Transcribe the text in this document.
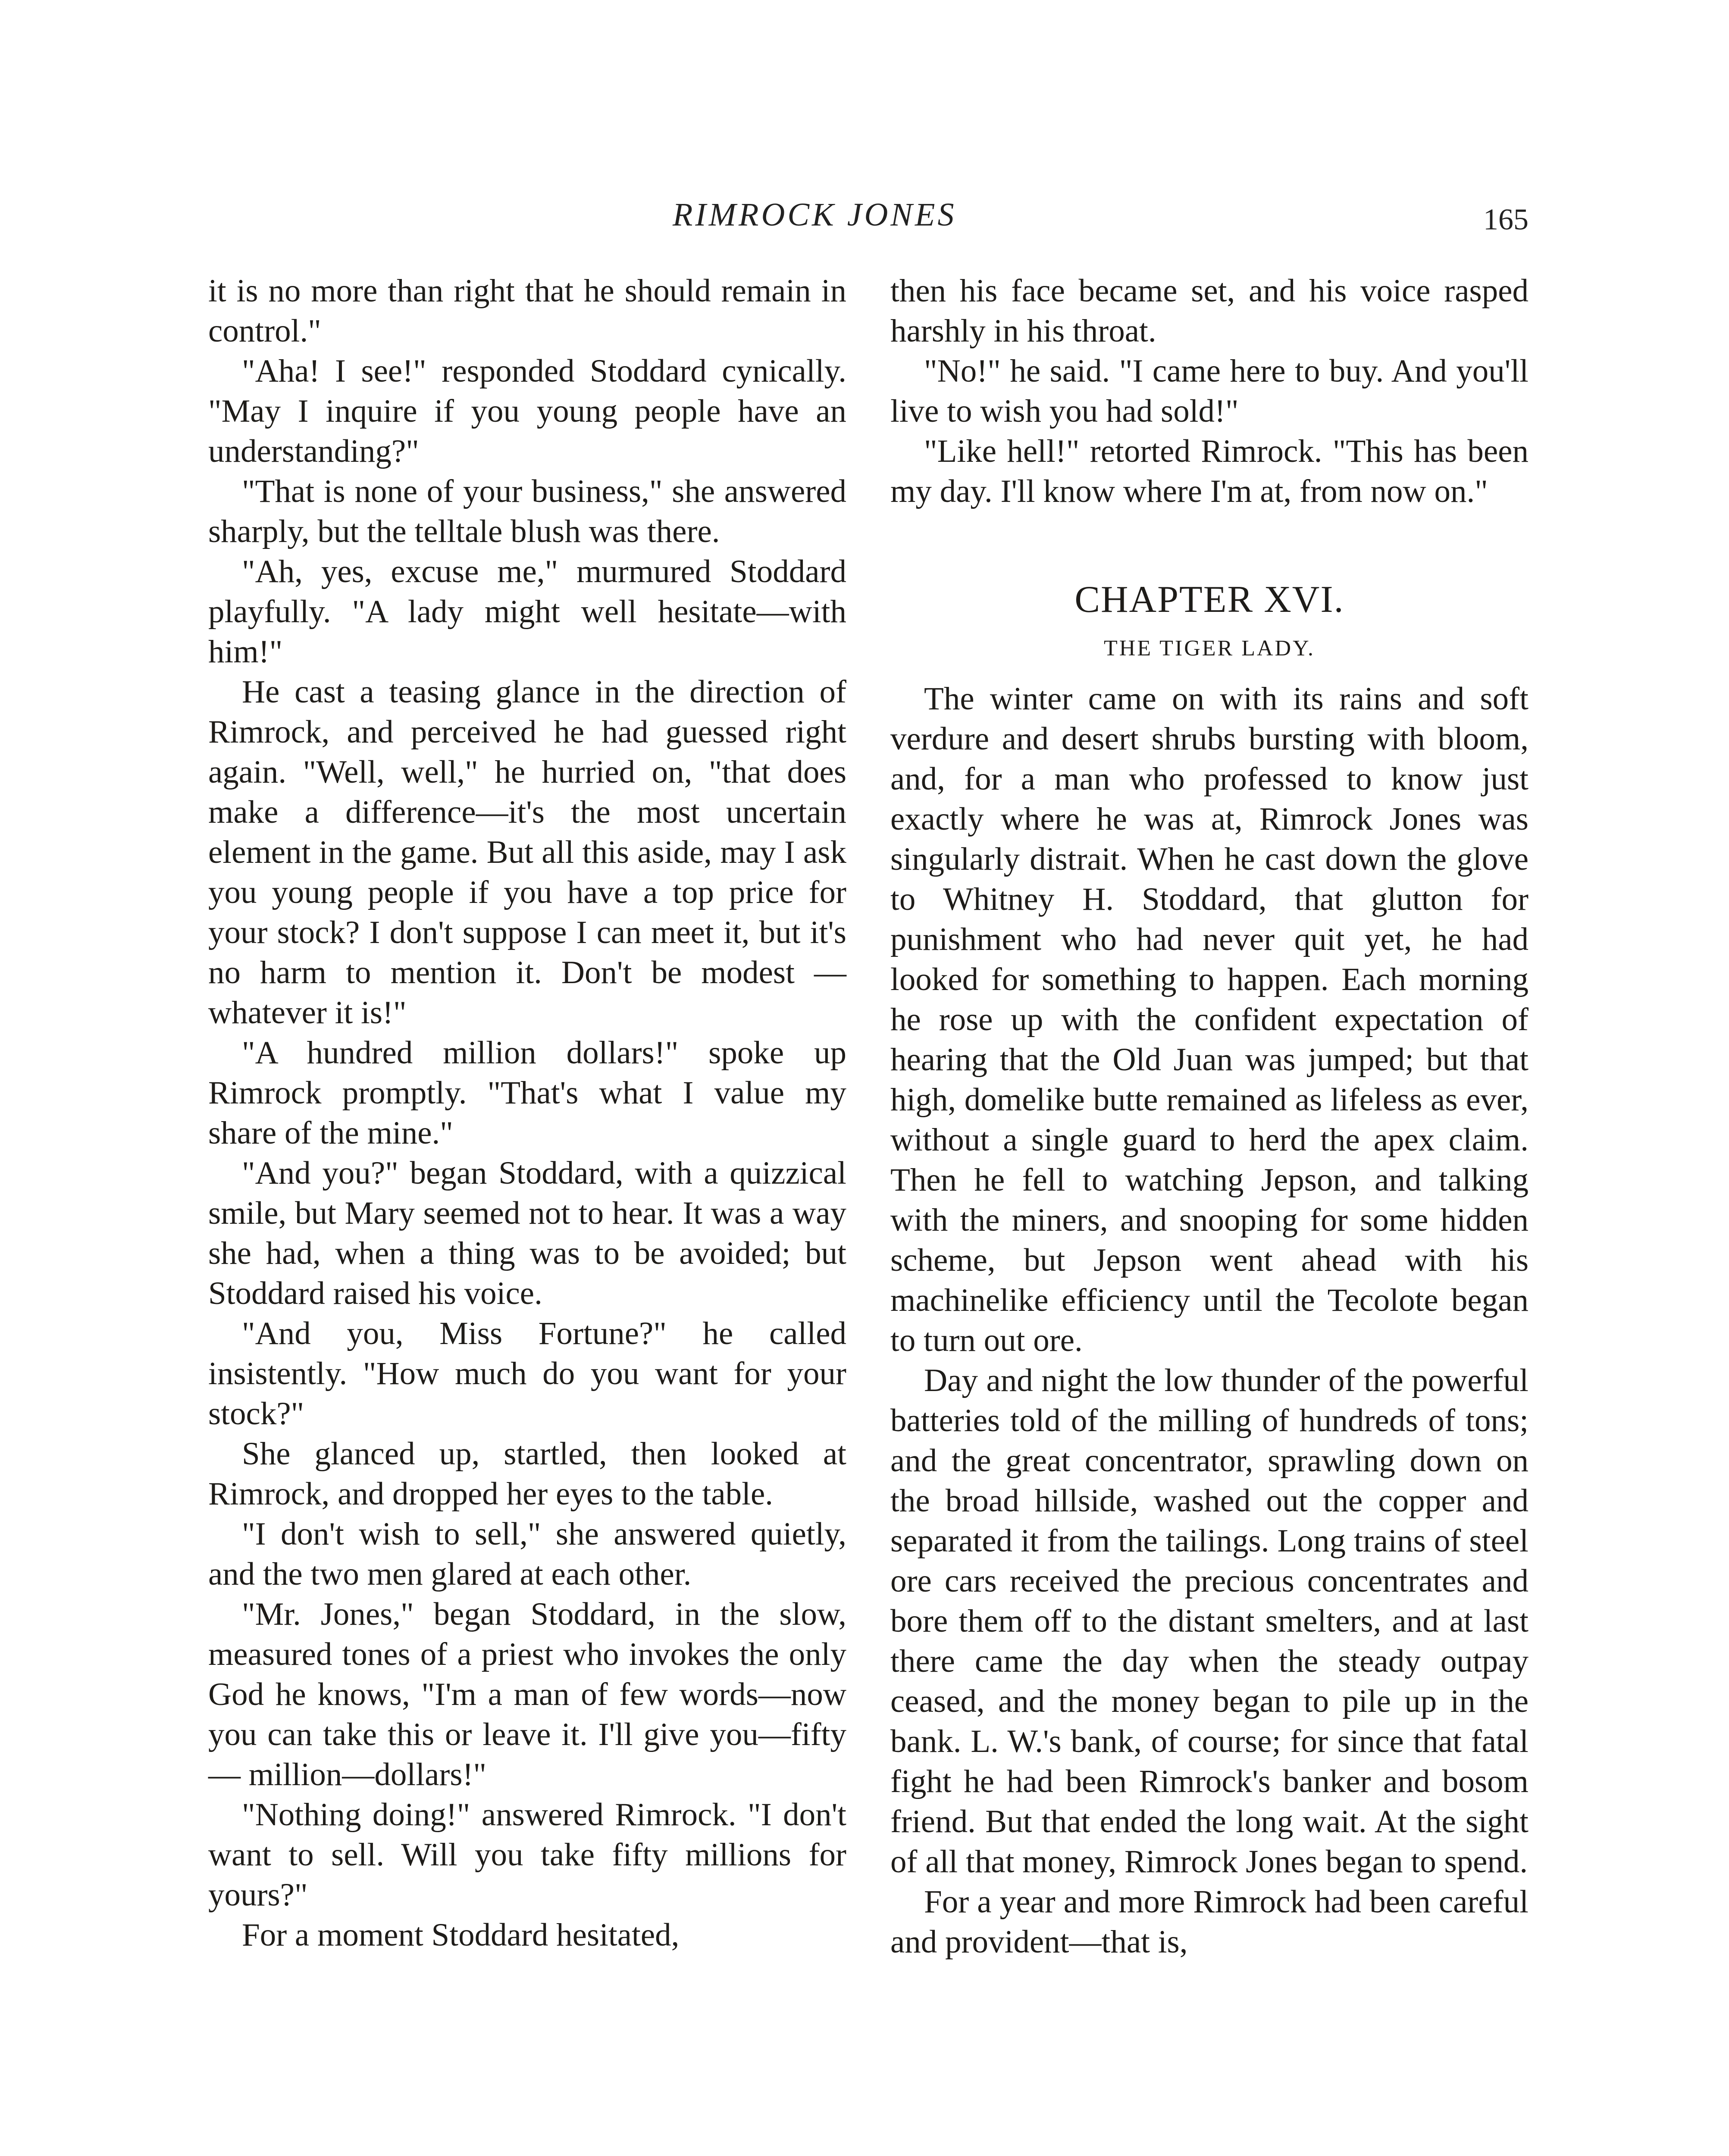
RIMROCK JONES	165

it is no more than right that he should remain in control."

"Aha! I see!" responded Stoddard cynically. "May I inquire if you young people have an understanding?"

"That is none of your business," she answered sharply, but the telltale blush was there.

"Ah, yes, excuse me," murmured Stoddard playfully. "A lady might well hesitate—with him!"

He cast a teasing glance in the direction of Rimrock, and perceived he had guessed right again. "Well, well," he hurried on, "that does make a difference—it's the most uncertain element in the game. But all this aside, may I ask you young people if you have a top price for your stock? I don't suppose I can meet it, but it's no harm to mention it. Don't be modest —whatever it is!"

"A hundred million dollars!" spoke up Rimrock promptly. "That's what I value my share of the mine."

"And you?" began Stoddard, with a quizzical smile, but Mary seemed not to hear. It was a way she had, when a thing was to be avoided; but Stoddard raised his voice.

"And you, Miss Fortune?" he called insistently. "How much do you want for your stock?"

She glanced up, startled, then looked at Rimrock, and dropped her eyes to the table.

"I don't wish to sell," she answered quietly, and the two men glared at each other.

"Mr. Jones," began Stoddard, in the slow, measured tones of a priest who invokes the only God he knows, "I'm a man of few words—now you can take this or leave it. I'll give you—fifty— million—dollars!"

"Nothing doing!" answered Rimrock. "I don't want to sell. Will you take fifty millions for yours?"

For a moment Stoddard hesitated,

then his face became set, and his voice rasped harshly in his throat.

"No!" he said. "I came here to buy. And you'll live to wish you had sold!"

"Like hell!" retorted Rimrock. "This has been my day. I'll know where I'm at, from now on."

CHAPTER XVI.
THE TIGER LADY.

The winter came on with its rains and soft verdure and desert shrubs bursting with bloom, and, for a man who professed to know just exactly where he was at, Rimrock Jones was singularly distrait. When he cast down the glove to Whitney H. Stoddard, that glutton for punishment who had never quit yet, he had looked for something to happen. Each morning he rose up with the confident expectation of hearing that the Old Juan was jumped; but that high, domelike butte remained as lifeless as ever, without a single guard to herd the apex claim. Then he fell to watching Jepson, and talking with the miners, and snooping for some hidden scheme, but Jepson went ahead with his machinelike efficiency until the Tecolote began to turn out ore.

Day and night the low thunder of the powerful batteries told of the milling of hundreds of tons; and the great concentrator, sprawling down on the broad hillside, washed out the copper and separated it from the tailings. Long trains of steel ore cars received the precious concentrates and bore them off to the distant smelters, and at last there came the day when the steady outpay ceased, and the money began to pile up in the bank. L. W.'s bank, of course; for since that fatal fight he had been Rimrock's banker and bosom friend. But that ended the long wait. At the sight of all that money, Rimrock Jones began to spend.

For a year and more Rimrock had been careful and provident—that is,
